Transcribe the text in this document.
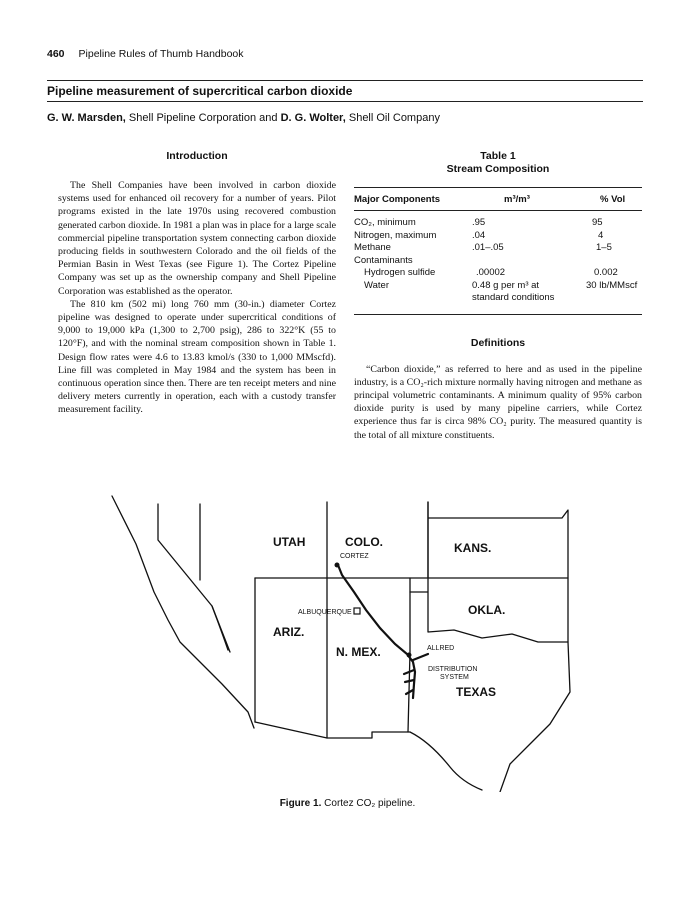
460 Pipeline Rules of Thumb Handbook
Pipeline measurement of supercritical carbon dioxide
G. W. Marsden, Shell Pipeline Corporation and D. G. Wolter, Shell Oil Company
Introduction

The Shell Companies have been involved in carbon dioxide systems used for enhanced oil recovery for a number of years. Pilot programs existed in the late 1970s using recovered combustion generated carbon dioxide. In 1981 a plan was in place for a large scale commercial pipeline transportation system connecting carbon dioxide producing fields in southwestern Colorado and the oil fields of the Permian Basin in West Texas (see Figure 1). The Cortez Pipeline Company was set up as the ownership company and Shell Pipeline Corporation was established as the operator.

The 810 km (502 mi) long 760 mm (30-in.) diameter Cortez pipeline was designed to operate under supercritical conditions of 9,000 to 19,000 kPa (1,300 to 2,700 psig), 286 to 322°K (55 to 120°F), and with the nominal stream composition shown in Table 1. Design flow rates were 4.6 to 13.83 kmol/s (330 to 1,000 MMscfd). Line fill was completed in May 1984 and the system has been in continuous operation since then. There are ten receipt meters and nine delivery meters currently in operation, each with a custody transfer measurement facility.

Table 1
Stream Composition
Major Components	m³/m³	% Vol
CO₂, minimum	.95	95
Nitrogen, maximum	.04	4
Methane	.01–.05	1–5
Contaminants
Hydrogen sulfide	.00002	0.002
Water	0.48 g per m³ at	30 lb/MMscf
standard conditions
Definitions

“Carbon dioxide,” as referred to here and as used in the pipeline industry, is a CO₂-rich mixture normally having nitrogen and methane as principal volumetric contaminants. A minimum quality of 95% carbon dioxide purity is used by many pipeline carriers, while Cortez experience thus far is circa 98% CO₂ purity. The measured quantity is the total of all mixture constituents.

UTAH	COLO.	KANS.
ARIZ.
N. MEX.
OKLA.
TEXAS
CORTEZ
ALBUQUERQUE
ALLRED
DISTRIBUTION
SYSTEM
Figure 1. Cortez CO₂ pipeline.
